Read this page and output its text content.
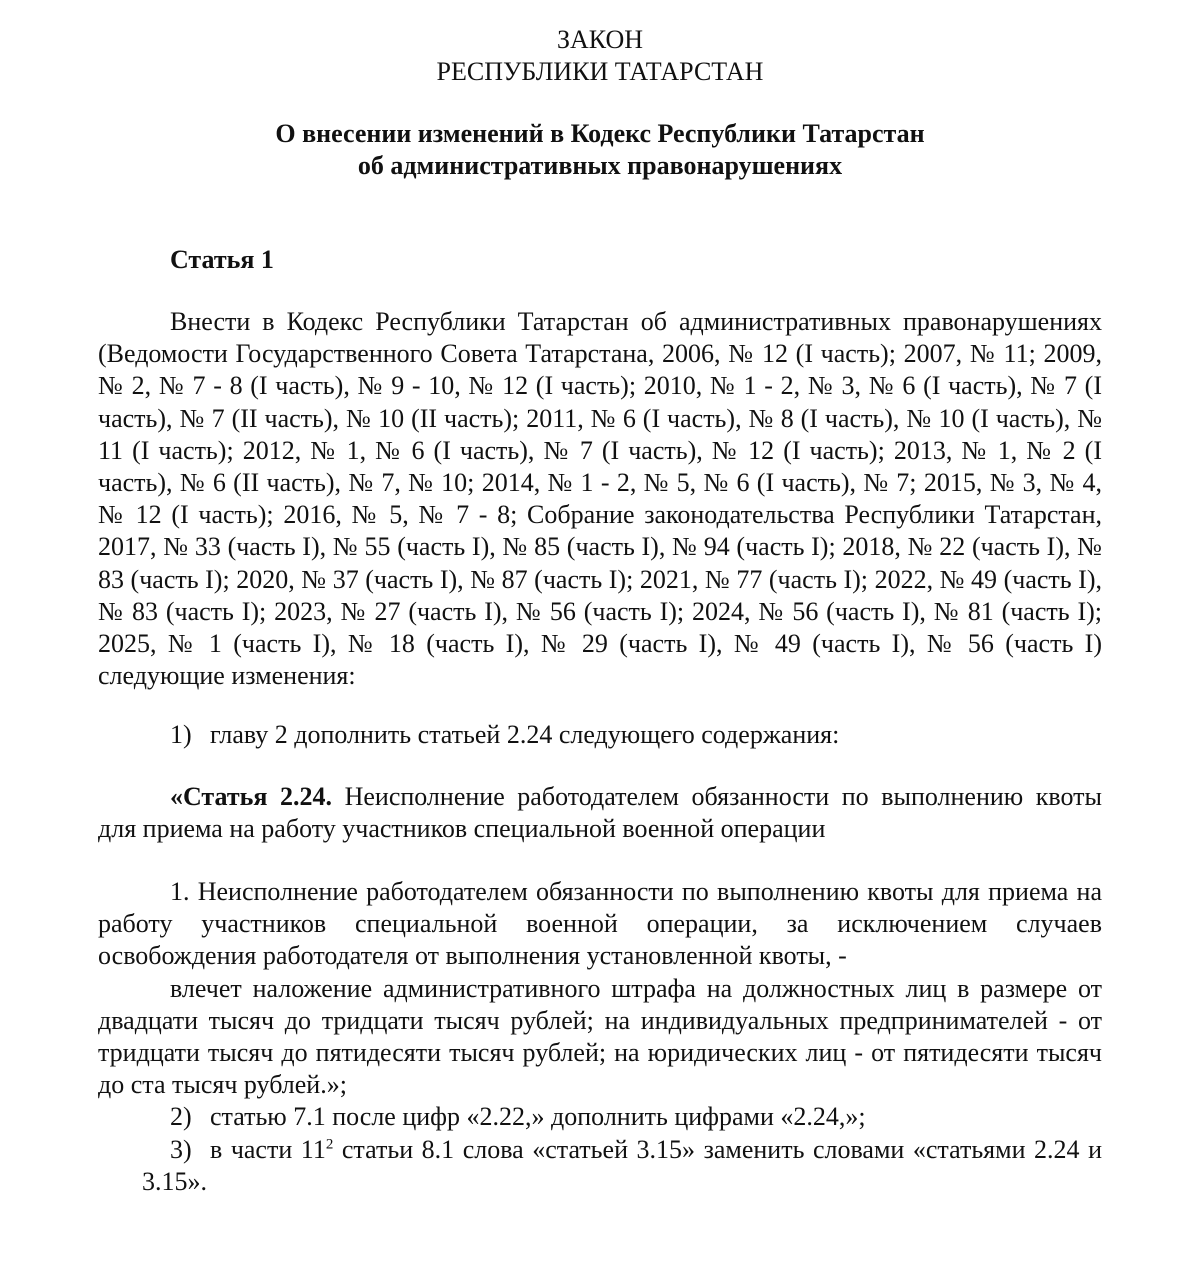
ЗАКОН

РЕСПУБЛИКИ ТАТАРСТАН

О внесении изменений в Кодекс Республики Татарстан
об административных правонарушениях

Статья 1

Внести в Кодекс Республики Татарстан об административных правонарушениях (Ведомости Государственного Совета Татарстана, 2006, № 12 (I часть); 2007, № 11; 2009, № 2, № 7 - 8 (I часть), № 9 - 10, № 12 (I часть); 2010, № 1 - 2, № 3, № 6 (I часть), № 7 (I часть), № 7 (II часть), № 10 (II часть); 2011, № 6 (I часть), № 8 (I часть), № 10 (I часть), № 11 (I часть); 2012, № 1, № 6 (I часть), № 7 (I часть), № 12 (I часть); 2013, № 1, № 2 (I часть), № 6 (II часть), № 7, № 10; 2014, № 1 - 2, № 5, № 6 (I часть), № 7; 2015, № 3, № 4, № 12 (I часть); 2016, № 5, № 7 - 8; Собрание законодательства Республики Татарстан, 2017, № 33 (часть I), № 55 (часть I), № 85 (часть I), № 94 (часть I); 2018, № 22 (часть I), № 83 (часть I); 2020, № 37 (часть I), № 87 (часть I); 2021, № 77 (часть I); 2022, № 49 (часть I), № 83 (часть I); 2023, № 27 (часть I), № 56 (часть I); 2024, № 56 (часть I), № 81 (часть I); 2025, № 1 (часть I), № 18 (часть I), № 29 (часть I), № 49 (часть I), № 56 (часть I) следующие изменения:

1) главу 2 дополнить статьей 2.24 следующего содержания:

«Статья 2.24. Неисполнение работодателем обязанности по выполнению квоты для приема на работу участников специальной военной операции

1. Неисполнение работодателем обязанности по выполнению квоты для приема на работу участников специальной военной операции, за исключением случаев освобождения работодателя от выполнения установленной квоты, -

влечет наложение административного штрафа на должностных лиц в размере от двадцати тысяч до тридцати тысяч рублей; на индивидуальных предпринимателей - от тридцати тысяч до пятидесяти тысяч рублей; на юридических лиц - от пятидесяти тысяч до ста тысяч рублей.»;

2) статью 7.1 после цифр «2.22,» дополнить цифрами «2.24,»;

3) в части $11^2$ статьи 8.1 слова «статьей 3.15» заменить словами «статьями 2.24 и 3.15».
